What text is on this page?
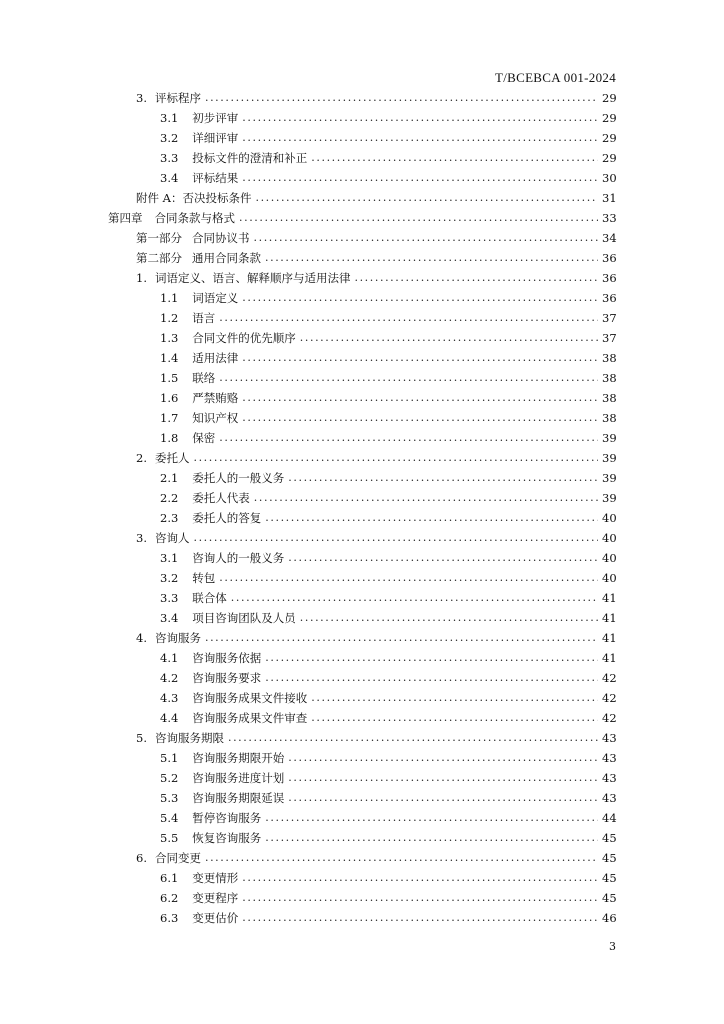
T/BCEBCA 001-2024
3. 评标程序 .....	29
3.1 初步评审 .....	29
3.2 详细评审 .....	29
3.3 投标文件的澄清和补正 .....	29
3.4 评标结果 .....	30
附件 A：否决投标条件 .....	31
第四章 合同条款与格式 .....	33
第一部分 合同协议书 .....	34
第二部分 通用合同条款 .....	36
1. 词语定义、语言、解释顺序与适用法律 .....	36
1.1 词语定义 .....	36
1.2 语言 .....	37
1.3 合同文件的优先顺序 .....	37
1.4 适用法律 .....	38
1.5 联络 .....	38
1.6 严禁贿赂 .....	38
1.7 知识产权 .....	38
1.8 保密 .....	39
2. 委托人 .....	39
2.1 委托人的一般义务 .....	39
2.2 委托人代表 .....	39
2.3 委托人的答复 .....	40
3. 咨询人 .....	40
3.1 咨询人的一般义务 .....	40
3.2 转包 .....	40
3.3 联合体 .....	41
3.4 项目咨询团队及人员 .....	41
4. 咨询服务 .....	41
4.1 咨询服务依据 .....	41
4.2 咨询服务要求 .....	42
4.3 咨询服务成果文件接收 .....	42
4.4 咨询服务成果文件审查 .....	42
5. 咨询服务期限 .....	43
5.1 咨询服务期限开始 .....	43
5.2 咨询服务进度计划 .....	43
5.3 咨询服务期限延误 .....	43
5.4 暂停咨询服务 .....	44
5.5 恢复咨询服务 .....	45
6. 合同变更 .....	45
6.1 变更情形 .....	45
6.2 变更程序 .....	45
6.3 变更估价 .....	46
3
